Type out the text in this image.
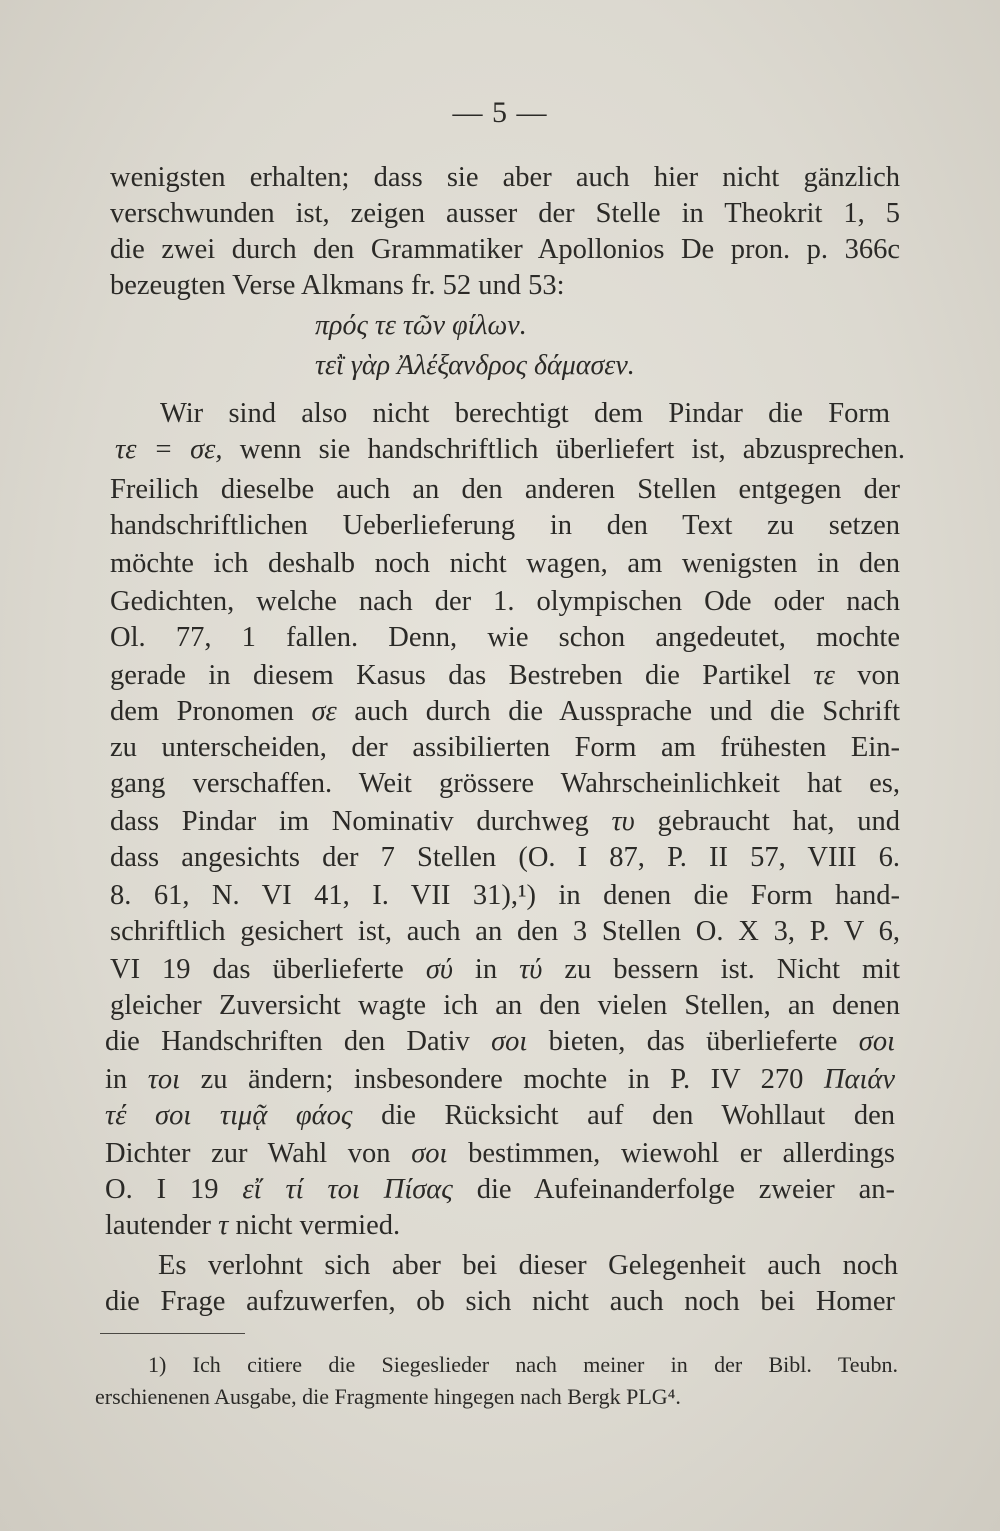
— 5 —
wenigsten erhalten; dass sie aber auch hier nicht gänzlich
verschwunden ist, zeigen ausser der Stelle in Theokrit 1, 5
die zwei durch den Grammatiker Apollonios De pron. p. 366c
bezeugten Verse Alkmans fr. 52 und 53:
πρός τε τῶν φίλων.
τεῒ γὰρ Ἀλέξανδρος δάμασεν.
Wir sind also nicht berechtigt dem Pindar die Form
τε = σε, wenn sie handschriftlich überliefert ist, abzusprechen.
Freilich dieselbe auch an den anderen Stellen entgegen der
handschriftlichen Ueberlieferung in den Text zu setzen
möchte ich deshalb noch nicht wagen, am wenigsten in den
Gedichten, welche nach der 1. olympischen Ode oder nach
Ol. 77, 1 fallen. Denn, wie schon angedeutet, mochte
gerade in diesem Kasus das Bestreben die Partikel τε von
dem Pronomen σε auch durch die Aussprache und die Schrift
zu unterscheiden, der assibilierten Form am frühesten Ein-
gang verschaffen. Weit grössere Wahrscheinlichkeit hat es,
dass Pindar im Nominativ durchweg τυ gebraucht hat, und
dass angesichts der 7 Stellen (O. I 87, P. II 57, VIII 6.
8. 61, N. VI 41, I. VII 31),¹) in denen die Form hand-
schriftlich gesichert ist, auch an den 3 Stellen O. X 3, P. V 6,
VI 19 das überlieferte σύ in τύ zu bessern ist. Nicht mit
gleicher Zuversicht wagte ich an den vielen Stellen, an denen
die Handschriften den Dativ σοι bieten, das überlieferte σοι
in τοι zu ändern; insbesondere mochte in P. IV 270 Παιάν
τέ σοι τιμᾷ φάος die Rücksicht auf den Wohllaut den
Dichter zur Wahl von σοι bestimmen, wiewohl er allerdings
O. I 19 εἴ τί τοι Πίσας die Aufeinanderfolge zweier an-
lautender τ nicht vermied.
Es verlohnt sich aber bei dieser Gelegenheit auch noch
die Frage aufzuwerfen, ob sich nicht auch noch bei Homer
1) Ich citiere die Siegeslieder nach meiner in der Bibl. Teubn.
erschienenen Ausgabe, die Fragmente hingegen nach Bergk PLG⁴.
